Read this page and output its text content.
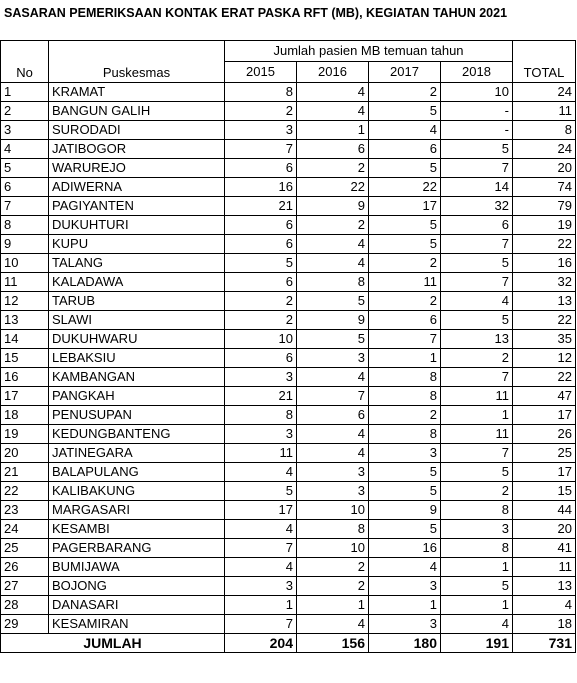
SASARAN PEMERIKSAAN KONTAK ERAT PASKA RFT (MB), KEGIATAN TAHUN 2021
No	Puskesmas	Jumlah pasien MB temuan tahun				TOTAL
		2015	2016	2017	2018	
1	KRAMAT	8	4	2	10	24
2	BANGUN GALIH	2	4	5	-	11
3	SURODADI	3	1	4	-	8
4	JATIBOGOR	7	6	6	5	24
5	WARUREJO	6	2	5	7	20
6	ADIWERNA	16	22	22	14	74
7	PAGIYANTEN	21	9	17	32	79
8	DUKUHTURI	6	2	5	6	19
9	KUPU	6	4	5	7	22
10	TALANG	5	4	2	5	16
11	KALADAWA	6	8	11	7	32
12	TARUB	2	5	2	4	13
13	SLAWI	2	9	6	5	22
14	DUKUHWARU	10	5	7	13	35
15	LEBAKSIU	6	3	1	2	12
16	KAMBANGAN	3	4	8	7	22
17	PANGKAH	21	7	8	11	47
18	PENUSUPAN	8	6	2	1	17
19	KEDUNGBANTENG	3	4	8	11	26
20	JATINEGARA	11	4	3	7	25
21	BALAPULANG	4	3	5	5	17
22	KALIBAKUNG	5	3	5	2	15
23	MARGASARI	17	10	9	8	44
24	KESAMBI	4	8	5	3	20
25	PAGERBARANG	7	10	16	8	41
26	BUMIJAWA	4	2	4	1	11
27	BOJONG	3	2	3	5	13
28	DANASARI	1	1	1	1	4
29	KESAMIRAN	7	4	3	4	18
JUMLAH		204	156	180	191	731
